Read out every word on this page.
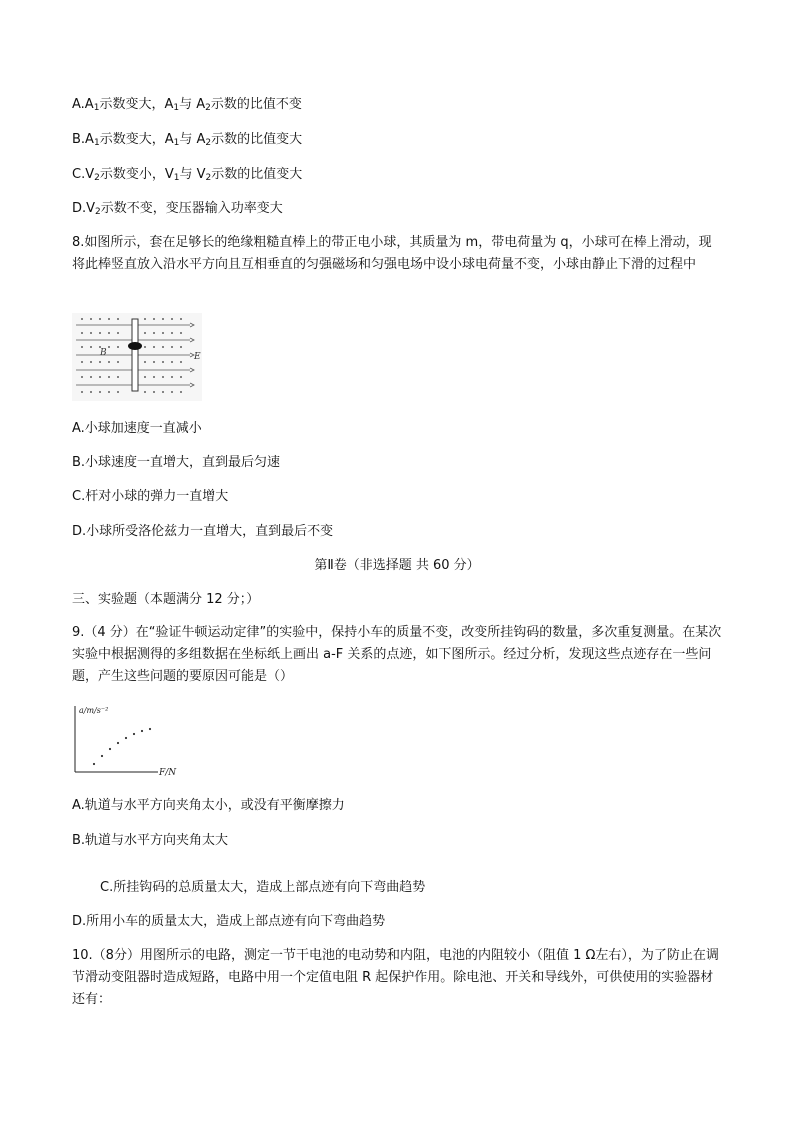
$A.A_1$示数变大，$A_1$与 $A_2$示数的比值不变
$B.A_1$示数变大，$A_1$与 $A_2$示数的比值变大
$C.V_2$示数变小，$V_1$与 $V_2$示数的比值变大
$D.V_2$示数不变，变压器输入功率变大
8.如图所示，套在足够长的绝缘粗糙直棒上的带正电小球，其质量为 m，带电荷量为 q，小球可在棒上滑动，现将此棒竖直放入沿水平方向且互相垂直的匀强磁场和匀强电场中设小球电荷量不变，小球由静止下滑的过程中
B	E
A.小球加速度一直减小
B.小球速度一直增大，直到最后匀速
C.杆对小球的弹力一直增大
D.小球所受洛伦兹力一直增大，直到最后不变
第Ⅱ卷（非选择题 共 60 分）
三、实验题（本题满分 12 分；）
9.（4 分）在“验证牛顿运动定律”的实验中，保持小车的质量不变，改变所挂钩码的数量，多次重复测量。在某次实验中根据测得的多组数据在坐标纸上画出 a-F 关系的点迹，如下图所示。经过分析，发现这些点迹存在一些问题，产生这些问题的要原因可能是（）
a/m/s⁻²
F/N
A.轨道与水平方向夹角太小，或没有平衡摩擦力
B.轨道与水平方向夹角太大
C.所挂钩码的总质量太大，造成上部点迹有向下弯曲趋势
D.所用小车的质量太大，造成上部点迹有向下弯曲趋势
10.（8分）用图所示的电路，测定一节干电池的电动势和内阻，电池的内阻较小（阻值 1 Ω左右），为了防止在调节滑动变阻器时造成短路，电路中用一个定值电阻 R 起保护作用。除电池、开关和导线外，可供使用的实验器材还有：
